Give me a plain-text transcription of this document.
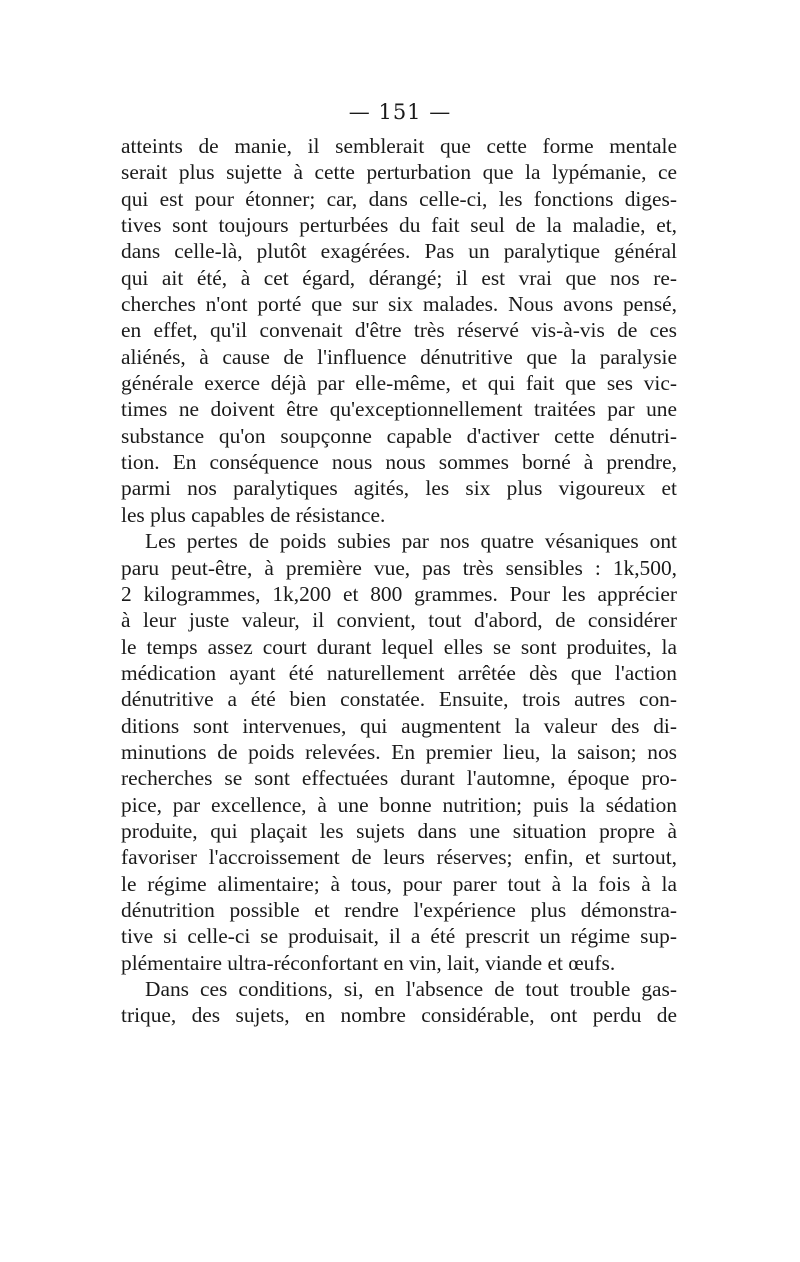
— 151 —
atteints de manie, il semblerait que cette forme mentale
serait plus sujette à cette perturbation que la lypémanie, ce
qui est pour étonner; car, dans celle-ci, les fonctions diges-
tives sont toujours perturbées du fait seul de la maladie, et,
dans celle-là, plutôt exagérées. Pas un paralytique général
qui ait été, à cet égard, dérangé; il est vrai que nos re-
cherches n'ont porté que sur six malades. Nous avons pensé,
en effet, qu'il convenait d'être très réservé vis-à-vis de ces
aliénés, à cause de l'influence dénutritive que la paralysie
générale exerce déjà par elle-même, et qui fait que ses vic-
times ne doivent être qu'exceptionnellement traitées par une
substance qu'on soupçonne capable d'activer cette dénutri-
tion. En conséquence nous nous sommes borné à prendre,
parmi nos paralytiques agités, les six plus vigoureux et
les plus capables de résistance.
Les pertes de poids subies par nos quatre vésaniques ont
paru peut-être, à première vue, pas très sensibles : 1k,500,
2 kilogrammes, 1k,200 et 800 grammes. Pour les apprécier
à leur juste valeur, il convient, tout d'abord, de considérer
le temps assez court durant lequel elles se sont produites, la
médication ayant été naturellement arrêtée dès que l'action
dénutritive a été bien constatée. Ensuite, trois autres con-
ditions sont intervenues, qui augmentent la valeur des di-
minutions de poids relevées. En premier lieu, la saison; nos
recherches se sont effectuées durant l'automne, époque pro-
pice, par excellence, à une bonne nutrition; puis la sédation
produite, qui plaçait les sujets dans une situation propre à
favoriser l'accroissement de leurs réserves; enfin, et surtout,
le régime alimentaire; à tous, pour parer tout à la fois à la
dénutrition possible et rendre l'expérience plus démonstra-
tive si celle-ci se produisait, il a été prescrit un régime sup-
plémentaire ultra-réconfortant en vin, lait, viande et œufs.
Dans ces conditions, si, en l'absence de tout trouble gas-
trique, des sujets, en nombre considérable, ont perdu de
